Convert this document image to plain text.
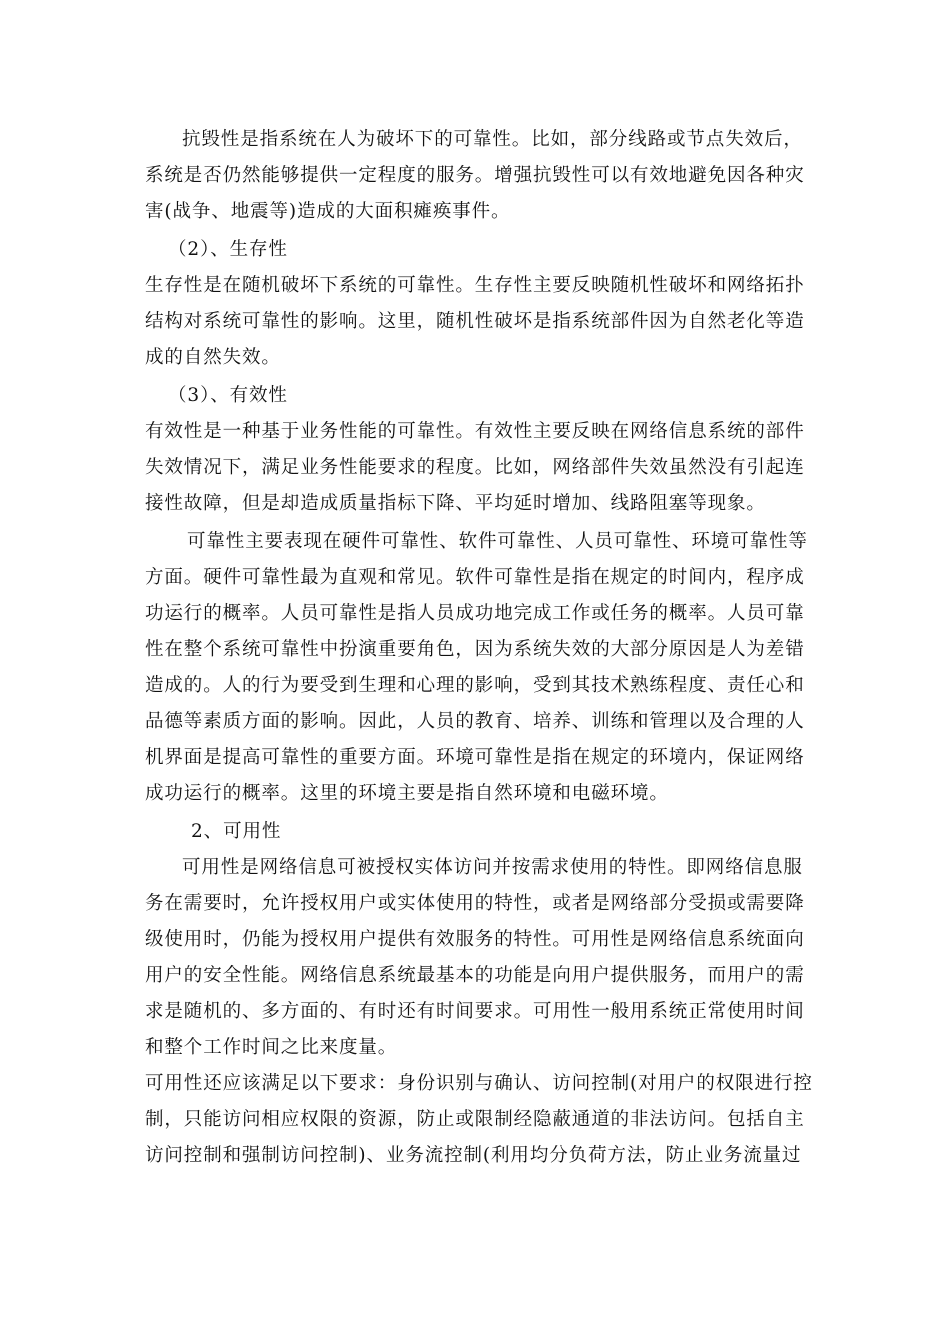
抗毁性是指系统在人为破坏下的可靠性。比如，部分线路或节点失效后，
系统是否仍然能够提供一定程度的服务。增强抗毁性可以有效地避免因各种灾
害(战争、地震等)造成的大面积瘫痪事件。
（2）、生存性
生存性是在随机破坏下系统的可靠性。生存性主要反映随机性破坏和网络拓扑
结构对系统可靠性的影响。这里，随机性破坏是指系统部件因为自然老化等造
成的自然失效。
（3）、有效性
有效性是一种基于业务性能的可靠性。有效性主要反映在网络信息系统的部件
失效情况下，满足业务性能要求的程度。比如，网络部件失效虽然没有引起连
接性故障，但是却造成质量指标下降、平均延时增加、线路阻塞等现象。
可靠性主要表现在硬件可靠性、软件可靠性、人员可靠性、环境可靠性等
方面。硬件可靠性最为直观和常见。软件可靠性是指在规定的时间内，程序成
功运行的概率。人员可靠性是指人员成功地完成工作或任务的概率。人员可靠
性在整个系统可靠性中扮演重要角色，因为系统失效的大部分原因是人为差错
造成的。人的行为要受到生理和心理的影响，受到其技术熟练程度、责任心和
品德等素质方面的影响。因此，人员的教育、培养、训练和管理以及合理的人
机界面是提高可靠性的重要方面。环境可靠性是指在规定的环境内，保证网络
成功运行的概率。这里的环境主要是指自然环境和电磁环境。
2、可用性
可用性是网络信息可被授权实体访问并按需求使用的特性。即网络信息服
务在需要时，允许授权用户或实体使用的特性，或者是网络部分受损或需要降
级使用时，仍能为授权用户提供有效服务的特性。可用性是网络信息系统面向
用户的安全性能。网络信息系统最基本的功能是向用户提供服务，而用户的需
求是随机的、多方面的、有时还有时间要求。可用性一般用系统正常使用时间
和整个工作时间之比来度量。
可用性还应该满足以下要求：身份识别与确认、访问控制(对用户的权限进行控
制，只能访问相应权限的资源，防止或限制经隐蔽通道的非法访问。包括自主
访问控制和强制访问控制)、业务流控制(利用均分负荷方法，防止业务流量过
